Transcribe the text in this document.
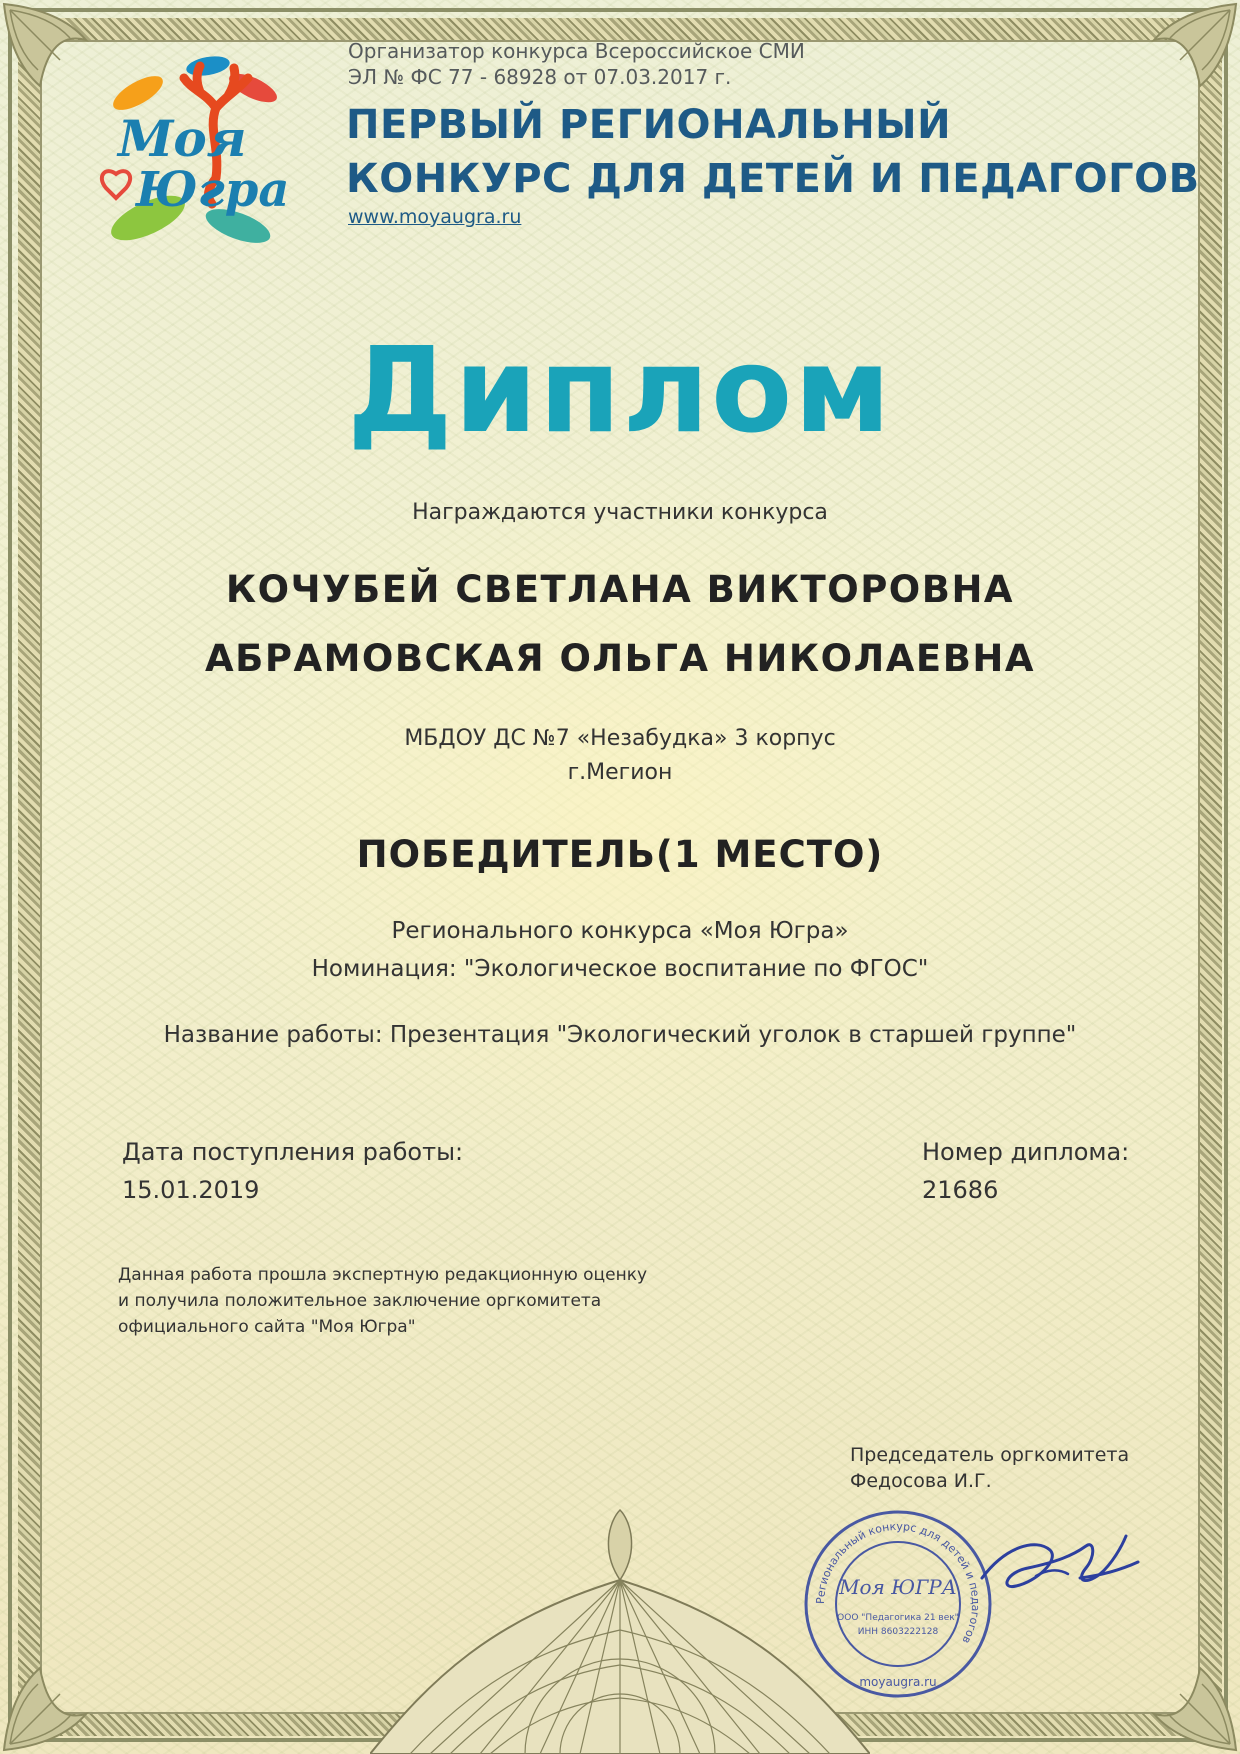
Моя
Югра
Организатор конкурса Всероссийское СМИ
ЭЛ № ФС 77 - 68928 от 07.03.2017 г.
ПЕРВЫЙ РЕГИОНАЛЬНЫЙ
КОНКУРС ДЛЯ ДЕТЕЙ И ПЕДАГОГОВ
www.moyaugra.ru
Диплом
Награждаются участники конкурса
КОЧУБЕЙ СВЕТЛАНА ВИКТОРОВНА
АБРАМОВСКАЯ ОЛЬГА НИКОЛАЕВНА
МБДОУ ДС №7 «Незабудка» 3 корпус
г.Мегион
ПОБЕДИТЕЛЬ(1 МЕСТО)
Регионального конкурса «Моя Югра»
Номинация: "Экологическое воспитание по ФГОС"
Название работы: Презентация "Экологический уголок в старшей группе"
Дата поступления работы:
15.01.2019
Номер диплома:
21686
Данная работа прошла экспертную редакционную оценку
и получила положительное заключение оргкомитета
официального сайта "Моя Югра"
Председатель оргкомитета
Федосова И.Г.
Региональный конкурс для детей и педагогов
Моя ЮГРА
ООО "Педагогика 21 век"
ИНН 8603222128
moyaugra.ru
